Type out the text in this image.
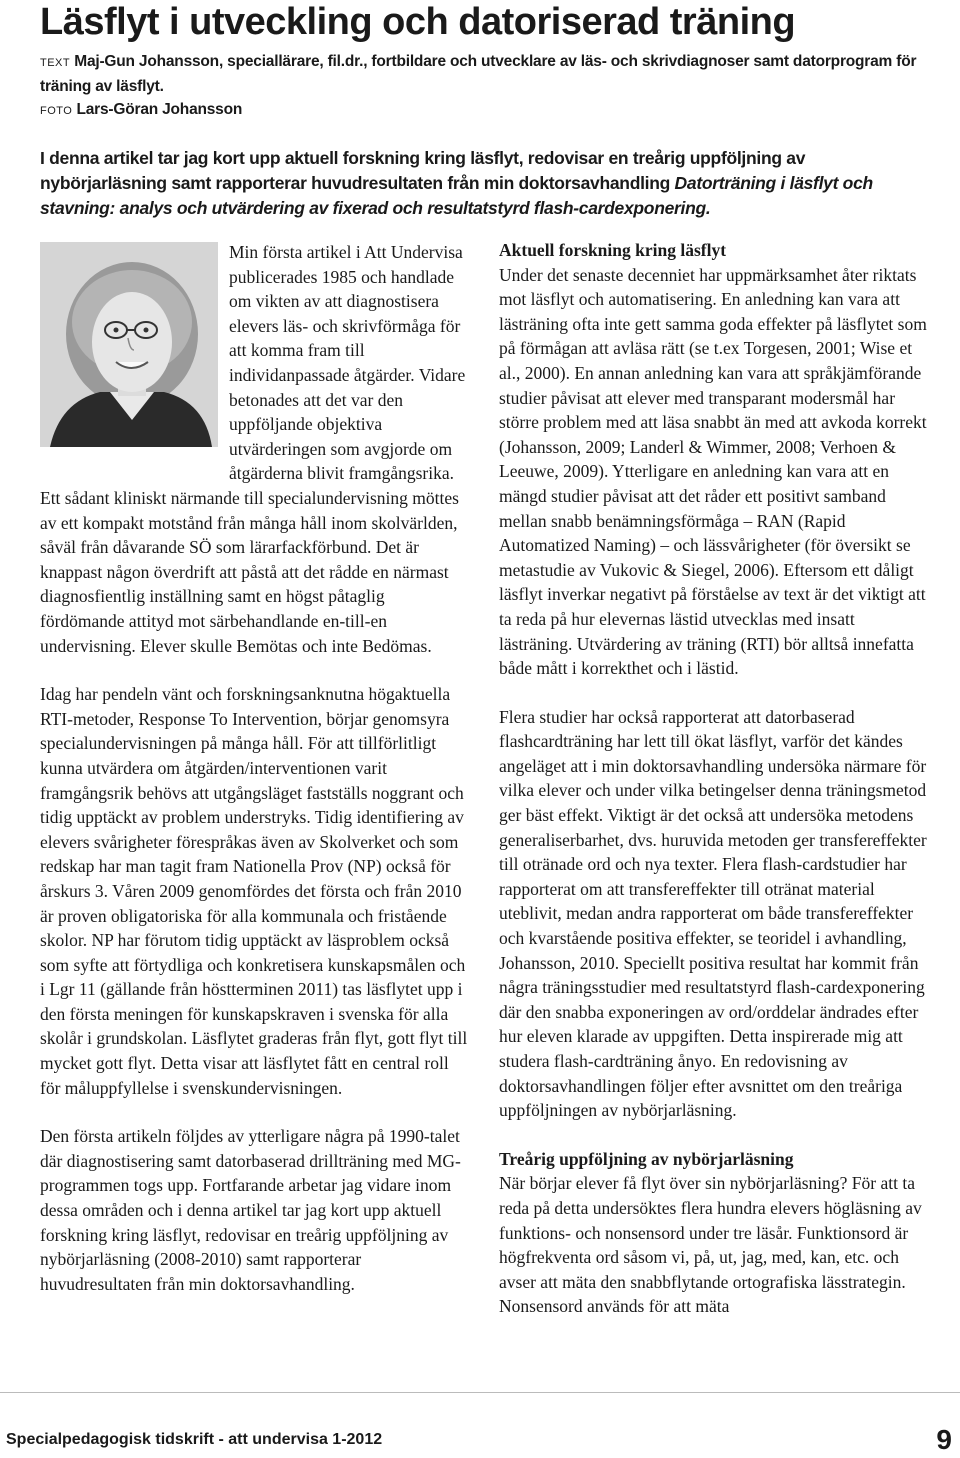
Läsflyt i utveckling och datoriserad träning
TEXT Maj-Gun Johansson, speciallärare, fil.dr., fortbildare och utvecklare av läs- och skrivdiagnoser samt datorprogram för träning av läsflyt.
FOTO Lars-Göran Johansson
I denna artikel tar jag kort upp aktuell forskning kring läsflyt, redovisar en treårig uppföljning av nybörjarläsning samt rapporterar huvudresultaten från min doktorsavhandling Datorträning i läsflyt och stavning: analys och utvärdering av fixerad och resultatstyrd flash-cardexponering.

Min första artikel i Att Undervisa publicerades 1985 och handlade om vikten av att diagnostisera elevers läs- och skrivförmåga för att komma fram till individanpassade åtgärder. Vidare betonades att det var den uppföljande objektiva utvärderingen som avgjorde om åtgärderna blivit framgångsrika.

Ett sådant kliniskt närmande till specialundervisning möttes av ett kompakt motstånd från många håll inom skolvärlden, såväl från dåvarande SÖ som lärarfackförbund. Det är knappast någon överdrift att påstå att det rådde en närmast diagnosfientlig inställning samt en högst påtaglig fördömande attityd mot särbehandlande en-till-en undervisning. Elever skulle Bemötas och inte Bedömas.

Idag har pendeln vänt och forskningsanknutna högaktuella RTI-metoder, Response To Intervention, börjar genomsyra specialundervisningen på många håll. För att tillförlitligt kunna utvärdera om åtgärden/interventionen varit framgångsrik behövs att utgångsläget fastställs noggrant och tidig upptäckt av problem understryks. Tidig identifiering av elevers svårigheter förespråkas även av Skolverket och som redskap har man tagit fram Nationella Prov (NP) också för årskurs 3. Våren 2009 genomfördes det första och från 2010 är proven obligatoriska för alla kommunala och fristående skolor. NP har förutom tidig upptäckt av läsproblem också som syfte att förtydliga och konkretisera kunskapsmålen och i Lgr 11 (gällande från höstterminen 2011) tas läsflytet upp i den första meningen för kunskapskraven i svenska för alla skolår i grundskolan. Läsflytet graderas från flyt, gott flyt till mycket gott flyt. Detta visar att läsflytet fått en central roll för måluppfyllelse i svenskundervisningen.

Den första artikeln följdes av ytterligare några på 1990-talet där diagnostisering samt datorbaserad drillträning med MG-programmen togs upp. Fortfarande arbetar jag vidare inom dessa områden och i denna artikel tar jag kort upp aktuell forskning kring läsflyt, redovisar en treårig uppföljning av nybörjarläsning (2008-2010) samt rapporterar huvudresultaten från min doktorsavhandling.

Aktuell forskning kring läsflyt

Under det senaste decenniet har uppmärksamhet åter riktats mot läsflyt och automatisering. En anledning kan vara att lästräning ofta inte gett samma goda effekter på läsflytet som på förmågan att avläsa rätt (se t.ex Torgesen, 2001; Wise et al., 2000). En annan anledning kan vara att språkjämförande studier påvisat att elever med transparant modersmål har större problem med att läsa snabbt än med att avkoda korrekt (Johansson, 2009; Landerl & Wimmer, 2008; Verhoen & Leeuwe, 2009). Ytterligare en anledning kan vara att en mängd studier påvisat att det råder ett positivt samband mellan snabb benämningsförmåga – RAN (Rapid Automatized Naming) – och lässvårigheter (för översikt se metastudie av Vukovic & Siegel, 2006). Eftersom ett dåligt läsflyt inverkar negativt på förståelse av text är det viktigt att ta reda på hur elevernas lästid utvecklas med insatt lästräning. Utvärdering av träning (RTI) bör alltså innefatta både mått i korrekthet och i lästid.

Flera studier har också rapporterat att datorbaserad flashcardträning har lett till ökat läsflyt, varför det kändes angeläget att i min doktorsavhandling undersöka närmare för vilka elever och under vilka betingelser denna träningsmetod ger bäst effekt. Viktigt är det också att undersöka metodens generaliserbarhet, dvs. huruvida metoden ger transfereffekter till otränade ord och nya texter. Flera flash-cardstudier har rapporterat om att transfereffekter till otränat material uteblivit, medan andra rapporterat om både transfereffekter och kvarstående positiva effekter, se teoridel i avhandling, Johansson, 2010. Speciellt positiva resultat har kommit från några träningsstudier med resultatstyrd flash-cardexponering där den snabba exponeringen av ord/orddelar ändrades efter hur eleven klarade av uppgiften. Detta inspirerade mig att studera flash-cardträning ånyo. En redovisning av doktorsavhandlingen följer efter avsnittet om den treåriga uppföljningen av nybörjarläsning.

Treårig uppföljning av nybörjarläsning

När börjar elever få flyt över sin nybörjarläsning? För att ta reda på detta undersöktes flera hundra elevers högläsning av funktions- och nonsensord under tre läsår. Funktionsord är högfrekventa ord såsom vi, på, ut, jag, med, kan, etc. och avser att mäta den snabbflytande ortografiska lässtrategin. Nonsensord används för att mäta

Specialpedagogisk tidskrift - att undervisa 1-2012	9
